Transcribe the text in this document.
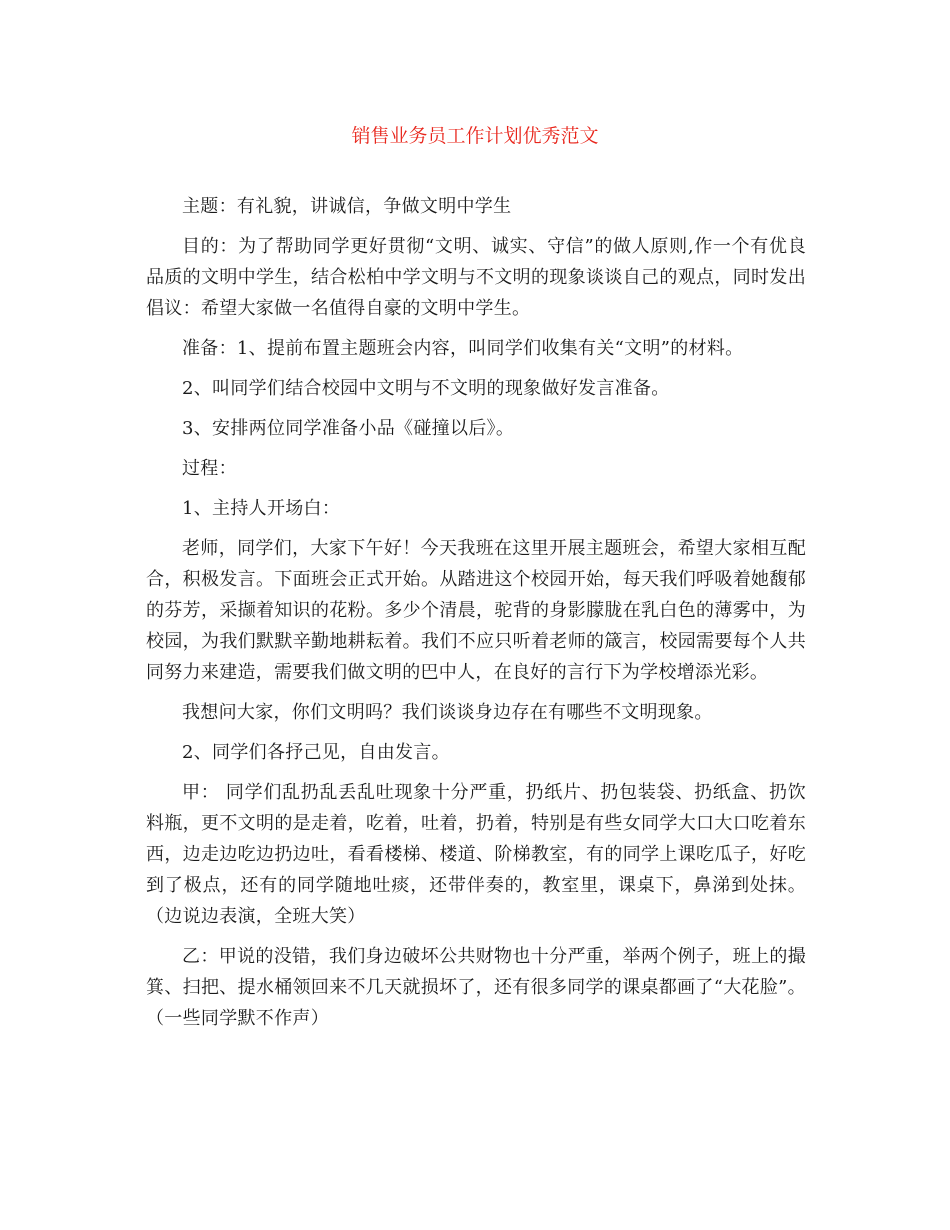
销售业务员工作计划优秀范文

主题：有礼貌，讲诚信，争做文明中学生

目的：为了帮助同学更好贯彻“文明、诚实、守信”的做人原则,作一个有优良品质的文明中学生，结合松柏中学文明与不文明的现象谈谈自己的观点，同时发出倡议：希望大家做一名值得自豪的文明中学生。

准备：1、提前布置主题班会内容，叫同学们收集有关“文明”的材料。

2、叫同学们结合校园中文明与不文明的现象做好发言准备。

3、安排两位同学准备小品《碰撞以后》。

过程：

1、主持人开场白：

老师，同学们，大家下午好！今天我班在这里开展主题班会，希望大家相互配合，积极发言。下面班会正式开始。从踏进这个校园开始，每天我们呼吸着她馥郁的芬芳，采撷着知识的花粉。多少个清晨，驼背的身影朦胧在乳白色的薄雾中，为校园，为我们默默辛勤地耕耘着。我们不应只听着老师的箴言，校园需要每个人共同努力来建造，需要我们做文明的巴中人，在良好的言行下为学校增添光彩。

我想问大家，你们文明吗？我们谈谈身边存在有哪些不文明现象。

2、同学们各抒己见，自由发言。

甲： 同学们乱扔乱丢乱吐现象十分严重，扔纸片、扔包装袋、扔纸盒、扔饮料瓶，更不文明的是走着，吃着，吐着，扔着，特别是有些女同学大口大口吃着东西，边走边吃边扔边吐，看看楼梯、楼道、阶梯教室，有的同学上课吃瓜子，好吃到了极点，还有的同学随地吐痰，还带伴奏的，教室里，课桌下，鼻涕到处抹。（边说边表演，全班大笑）

乙：甲说的没错，我们身边破坏公共财物也十分严重，举两个例子，班上的撮箕、扫把、提水桶领回来不几天就损坏了，还有很多同学的课桌都画了“大花脸”。（一些同学默不作声）
